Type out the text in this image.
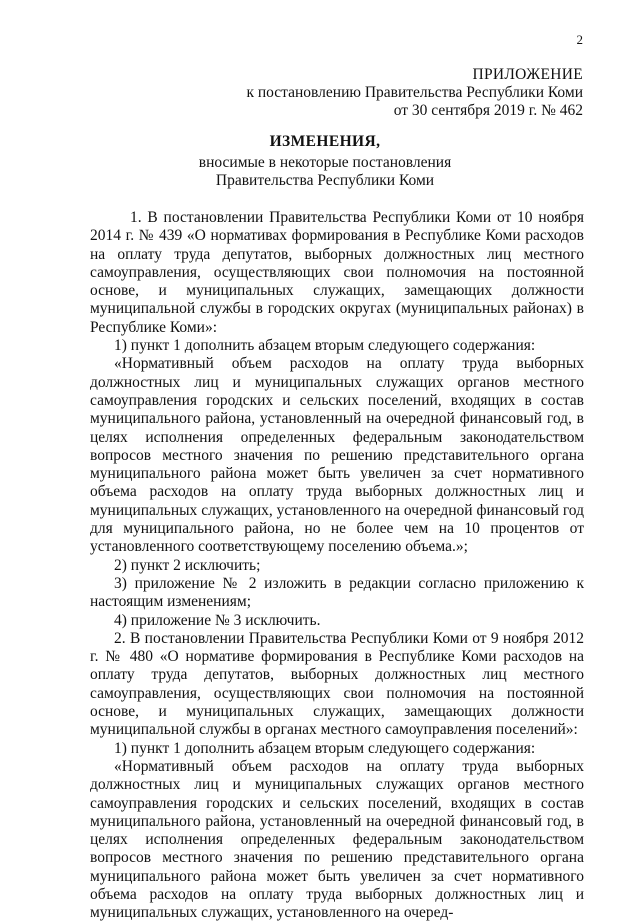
2
ПРИЛОЖЕНИЕ
к постановлению Правительства Республики Коми
от 30 сентября 2019 г. № 462
ИЗМЕНЕНИЯ,
вносимые в некоторые постановления
Правительства Республики Коми

1. В постановлении Правительства Республики Коми от 10 ноября 2014 г. № 439 «О нормативах формирования в Республике Коми расходов на оплату труда депутатов, выборных должностных лиц местного самоуправления, осуществляющих свои полномочия на постоянной основе, и муниципальных служащих, замещающих должности муниципальной службы в городских округах (муниципальных районах) в Республике Коми»:

1) пункт 1 дополнить абзацем вторым следующего содержания:

«Нормативный объем расходов на оплату труда выборных должностных лиц и муниципальных служащих органов местного самоуправления городских и сельских поселений, входящих в состав муниципального района, установленный на очередной финансовый год, в целях исполнения определенных федеральным законодательством вопросов местного значения по решению представительного органа муниципального района может быть увеличен за счет нормативного объема расходов на оплату труда выборных должностных лиц и муниципальных служащих, установленного на очередной финансовый год для муниципального района, но не более чем на 10 процентов от установленного соответствующему поселению объема.»;

2) пункт 2 исключить;

3) приложение № 2 изложить в редакции согласно приложению к настоящим изменениям;

4) приложение № 3 исключить.

2. В постановлении Правительства Республики Коми от 9 ноября 2012 г. № 480 «О нормативе формирования в Республике Коми расходов на оплату труда депутатов, выборных должностных лиц местного самоуправления, осуществляющих свои полномочия на постоянной основе, и муниципальных служащих, замещающих должности муниципальной службы в органах местного самоуправления поселений»:

1) пункт 1 дополнить абзацем вторым следующего содержания:

«Нормативный объем расходов на оплату труда выборных должностных лиц и муниципальных служащих органов местного самоуправления городских и сельских поселений, входящих в состав муниципального района, установленный на очередной финансовый год, в целях исполнения определенных федеральным законодательством вопросов местного значения по решению представительного органа муниципального района может быть увеличен за счет нормативного объема расходов на оплату труда выборных должностных лиц и муниципальных служащих, установленного на очеред-
